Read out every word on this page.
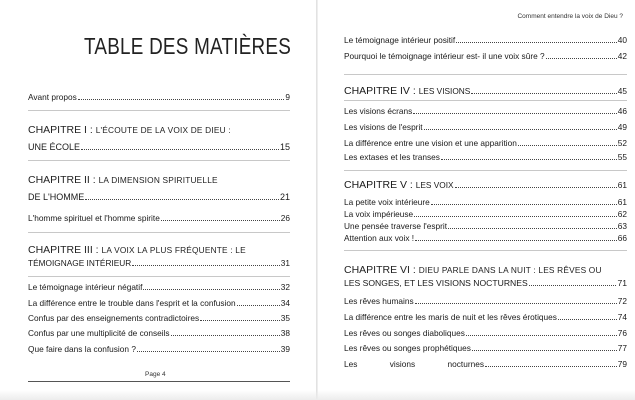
TABLE DES MATIÈRES
Avant propos	9
CHAPITRE I : L'ÉCOUTE DE LA VOIX DE DIEU :
UNE ÉCOLE	15
CHAPITRE II : LA DIMENSION SPIRITUELLE
DE L'HOMME	21
L'homme spirituel et l'homme spirite	26
CHAPITRE III : LA VOIX LA PLUS FRÉQUENTE : LE
TÉMOIGNAGE INTÉRIEUR	31
Le témoignage intérieur négatif	32
La différence entre le trouble dans l'esprit et la confusion	34
Confus par des enseignements contradictoires	35
Confus par une multiplicité de conseils	38
Que faire dans la confusion ?	39
Page 4
Comment entendre la voix de Dieu ?
Le témoignage intérieur positif	40
Pourquoi le témoignage intérieur est- il une voix sûre ?	42
CHAPITRE IV : LES VISIONS	45
Les visions écrans	46
Les visions de l'esprit	49
La différence entre une vision et une apparition	52
Les extases et les transes	55
CHAPITRE V : LES VOIX	61
La petite voix intérieure	61
La voix impérieuse	62
Une pensée traverse l'esprit	63
Attention aux voix !	66
CHAPITRE VI : DIEU PARLE DANS LA NUIT : LES RÊVES OU
LES SONGES, ET LES VISIONS NOCTURNES	71
Les rêves humains	72
La différence entre les maris de nuit et les rêves érotiques	74
Les rêves ou songes diaboliques	76
Les rêves ou songes prophétiques	77
Les	visions	nocturnes	79
